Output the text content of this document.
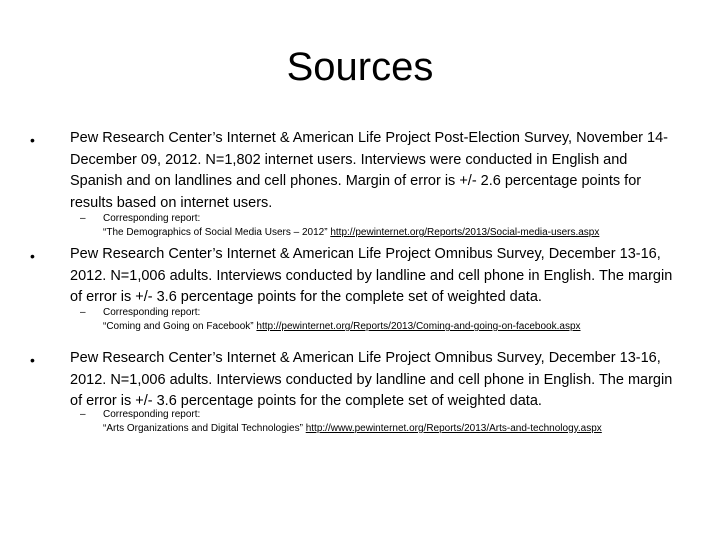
Sources
• Pew Research Center’s Internet & American Life Project Post-Election Survey, November 14-December 09, 2012. N=1,802 internet users. Interviews were conducted in English and Spanish and on landlines and cell phones. Margin of error is +/- 2.6 percentage points for results based on internet users.
– Corresponding report:
“The Demographics of Social Media Users – 2012” http://pewinternet.org/Reports/2013/Social-media-users.aspx
• Pew Research Center’s Internet & American Life Project Omnibus Survey, December 13-16, 2012. N=1,006 adults. Interviews conducted by landline and cell phone in English. The margin of error is +/- 3.6 percentage points for the complete set of weighted data.
– Corresponding report:
“Coming and Going on Facebook” http://pewinternet.org/Reports/2013/Coming-and-going-on-facebook.aspx
• Pew Research Center’s Internet & American Life Project Omnibus Survey, December 13-16, 2012. N=1,006 adults. Interviews conducted by landline and cell phone in English. The margin of error is +/- 3.6 percentage points for the complete set of weighted data.
– Corresponding report:
“Arts Organizations and Digital Technologies” http://www.pewinternet.org/Reports/2013/Arts-and-technology.aspx
